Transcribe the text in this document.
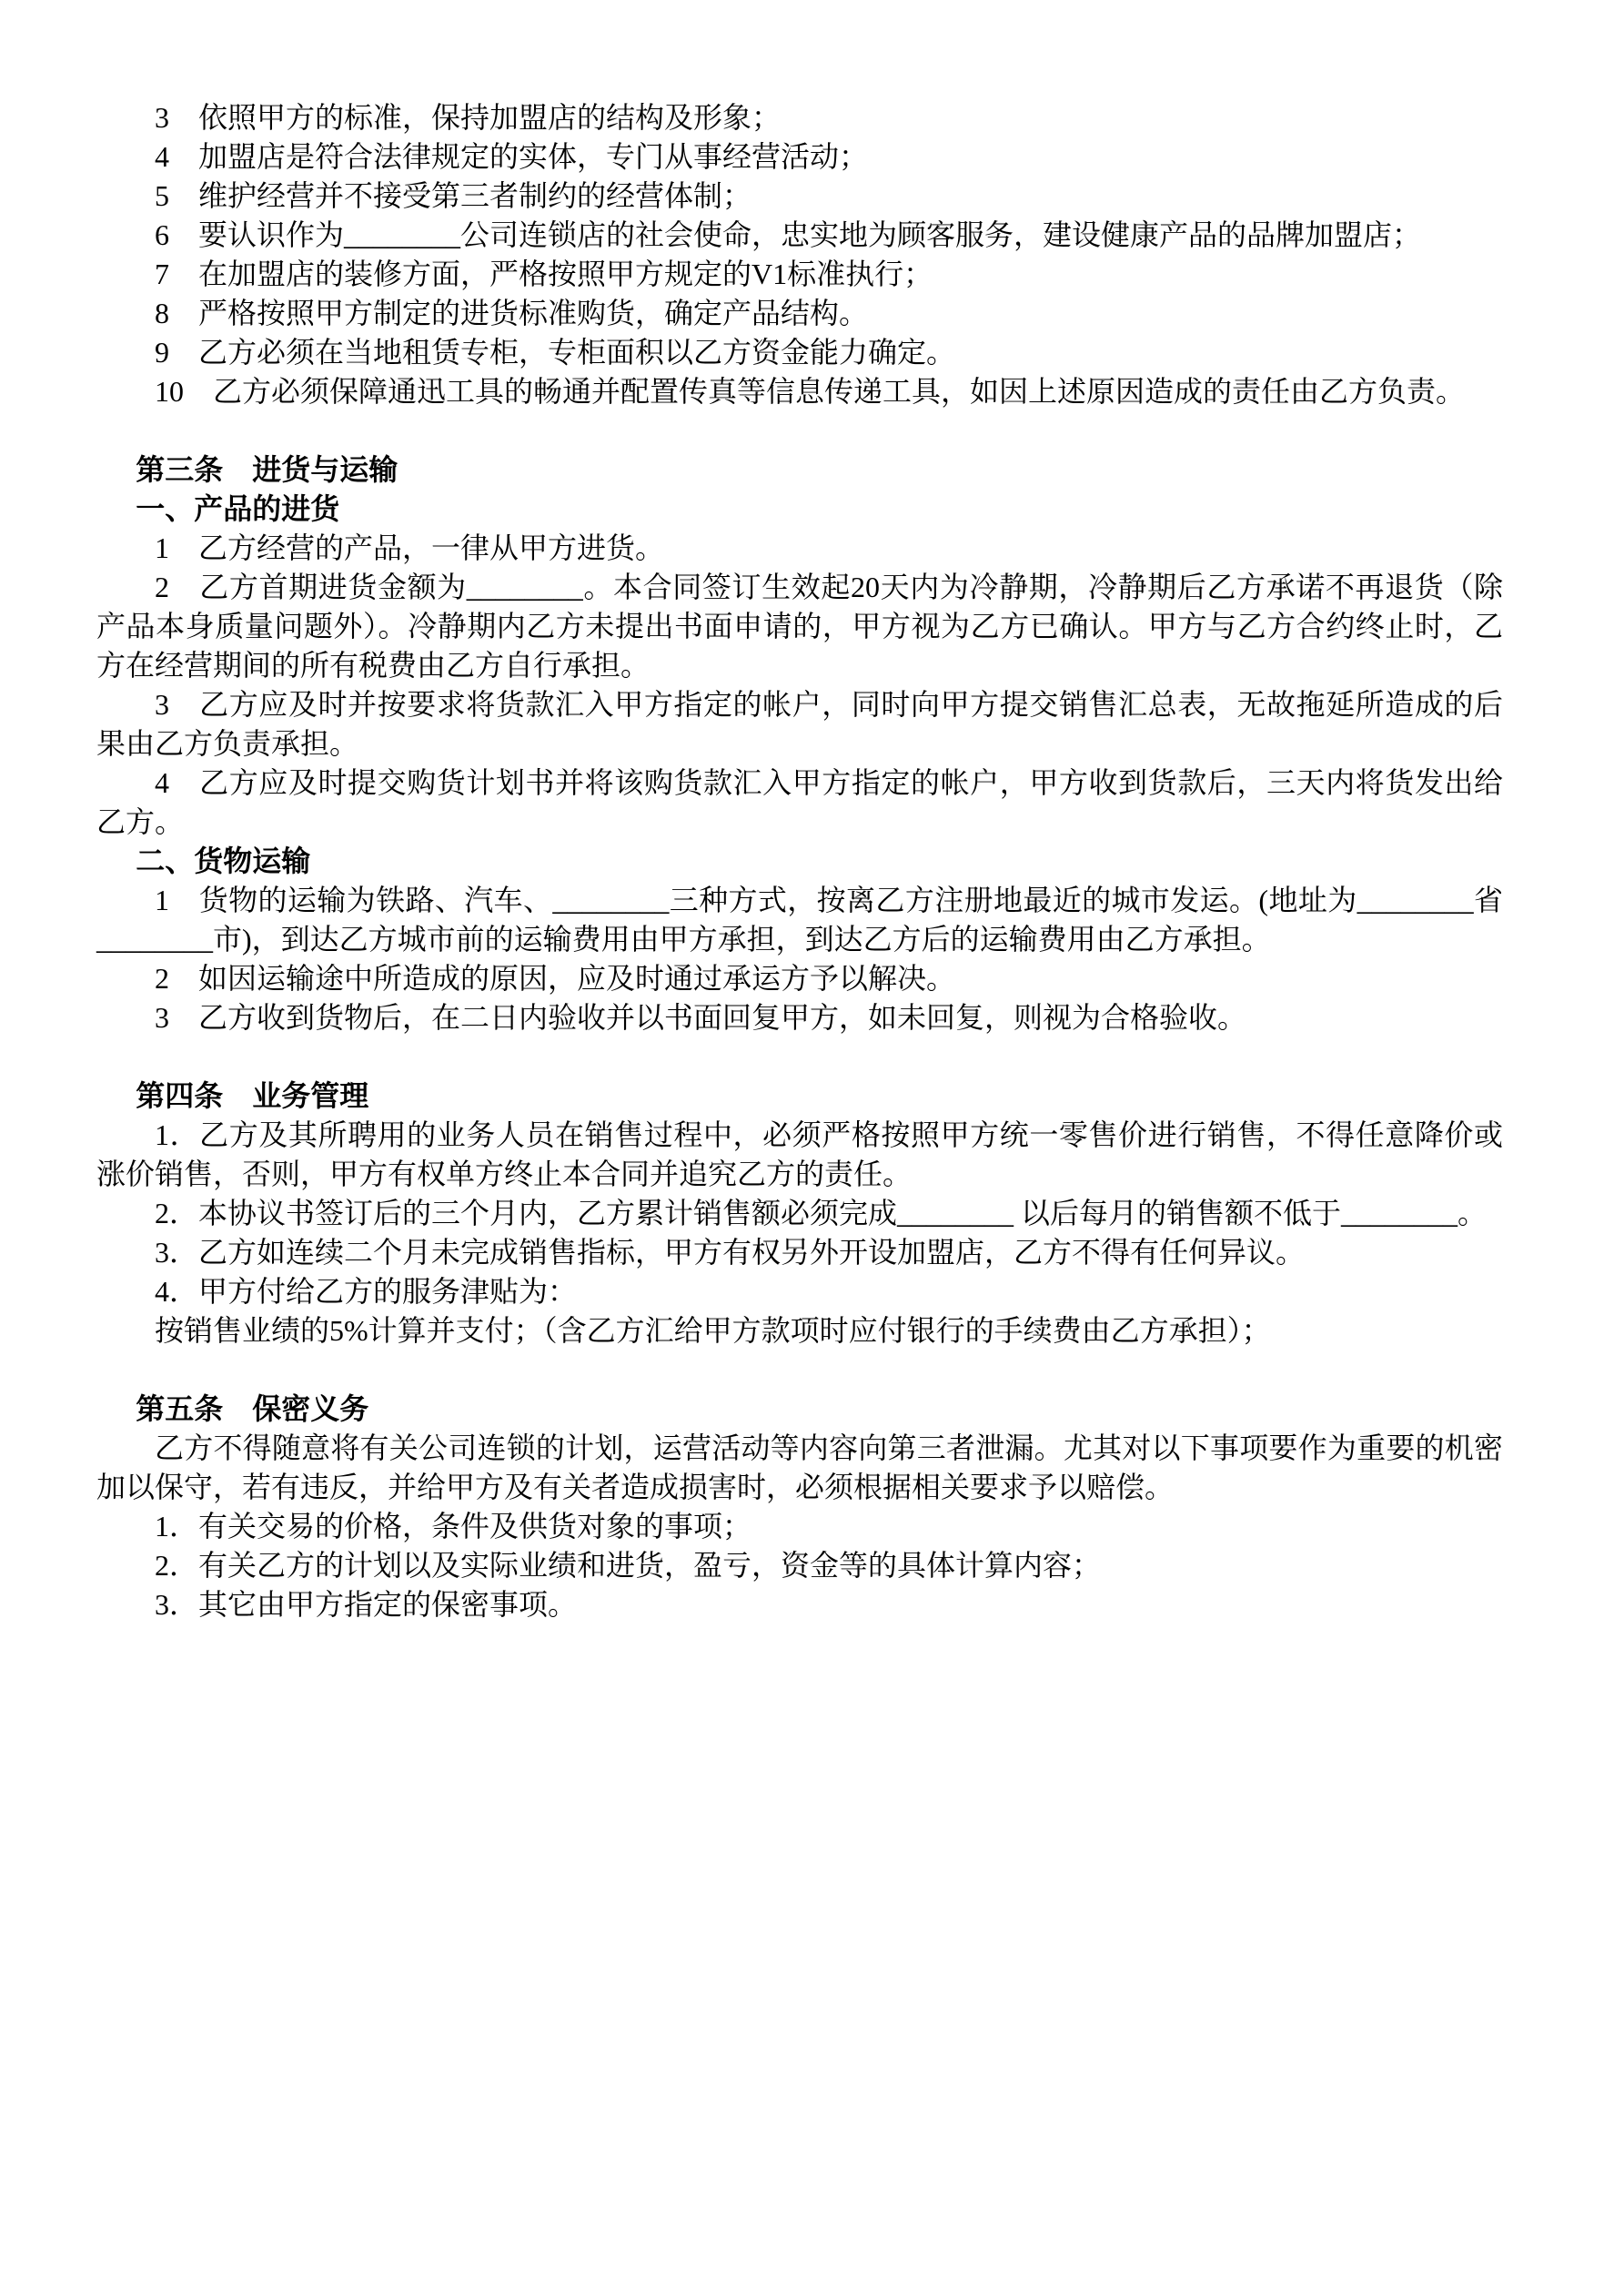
3　依照甲方的标准，保持加盟店的结构及形象；

4　加盟店是符合法律规定的实体，专门从事经营活动；

5　维护经营并不接受第三者制约的经营体制；

6　要认识作为________公司连锁店的社会使命，忠实地为顾客服务，建设健康产品的品牌加盟店；

7　在加盟店的装修方面，严格按照甲方规定的V1标准执行；

8　严格按照甲方制定的进货标准购货，确定产品结构。

9　乙方必须在当地租赁专柜，专柜面积以乙方资金能力确定。

10　乙方必须保障通迅工具的畅通并配置传真等信息传递工具，如因上述原因造成的责任由乙方负责。

第三条　进货与运输

一、产品的进货

1　乙方经营的产品，一律从甲方进货。

2　乙方首期进货金额为________。本合同签订生效起20天内为冷静期，冷静期后乙方承诺不再退货（除产品本身质量问题外）。冷静期内乙方未提出书面申请的，甲方视为乙方已确认。甲方与乙方合约终止时，乙方在经营期间的所有税费由乙方自行承担。

3　乙方应及时并按要求将货款汇入甲方指定的帐户，同时向甲方提交销售汇总表，无故拖延所造成的后果由乙方负责承担。

4　乙方应及时提交购货计划书并将该购货款汇入甲方指定的帐户，甲方收到货款后，三天内将货发出给乙方。

二、货物运输

1　货物的运输为铁路、汽车、________三种方式，按离乙方注册地最近的城市发运。(地址为________省________市)，到达乙方城市前的运输费用由甲方承担，到达乙方后的运输费用由乙方承担。

2　如因运输途中所造成的原因，应及时通过承运方予以解决。

3　乙方收到货物后，在二日内验收并以书面回复甲方，如未回复，则视为合格验收。

第四条　业务管理

1．乙方及其所聘用的业务人员在销售过程中，必须严格按照甲方统一零售价进行销售，不得任意降价或涨价销售，否则，甲方有权单方终止本合同并追究乙方的责任。

2．本协议书签订后的三个月内，乙方累计销售额必须完成________ 以后每月的销售额不低于________。

3．乙方如连续二个月未完成销售指标，甲方有权另外开设加盟店，乙方不得有任何异议。

4．甲方付给乙方的服务津贴为：

按销售业绩的5%计算并支付；（含乙方汇给甲方款项时应付银行的手续费由乙方承担）；

第五条　保密义务

乙方不得随意将有关公司连锁的计划，运营活动等内容向第三者泄漏。尤其对以下事项要作为重要的机密加以保守，若有违反，并给甲方及有关者造成损害时，必须根据相关要求予以赔偿。

1．有关交易的价格，条件及供货对象的事项；

2．有关乙方的计划以及实际业绩和进货，盈亏，资金等的具体计算内容；

3．其它由甲方指定的保密事项。
